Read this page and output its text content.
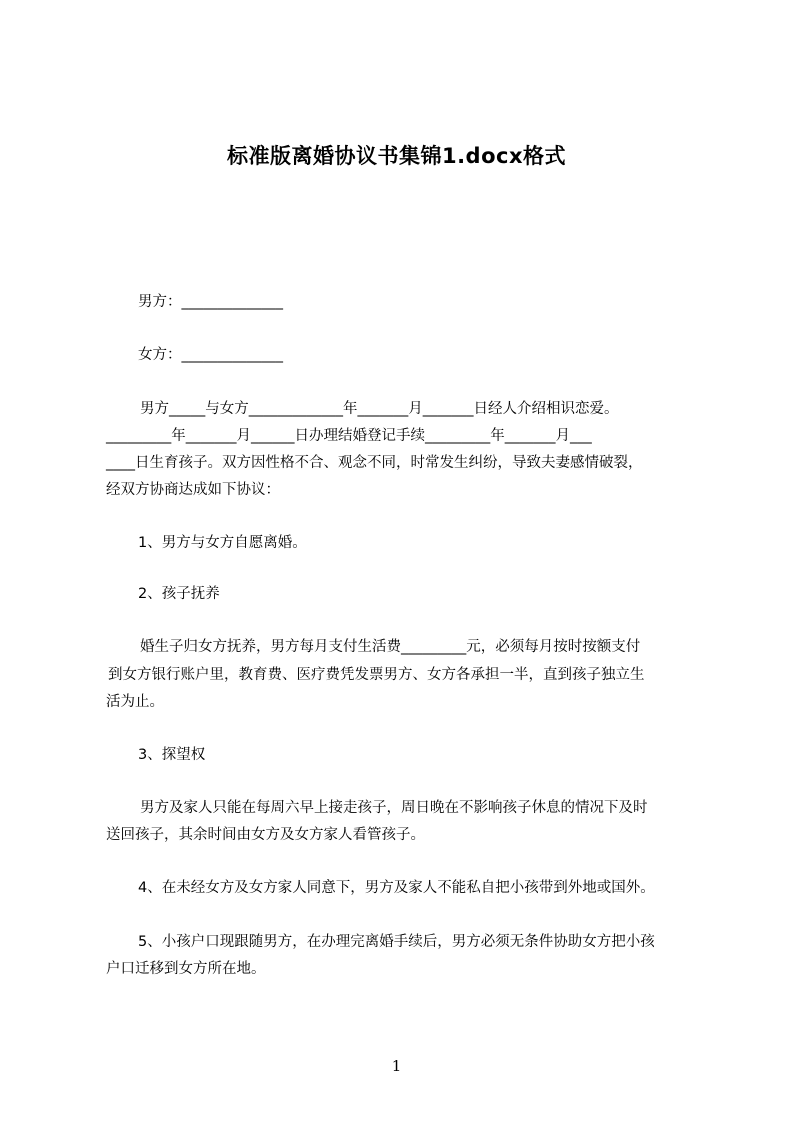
标准版离婚协议书集锦1.docx格式
男方：______________
女方：______________
男方_____与女方_____________年_______月_______日经人介绍相识恋爱。
_________年_______月______日办理结婚登记手续_________年_______月___
____日生育孩子。双方因性格不合、观念不同，时常发生纠纷，导致夫妻感情破裂，
经双方协商达成如下协议：
1、男方与女方自愿离婚。
2、孩子抚养
婚生子归女方抚养，男方每月支付生活费_________元，必须每月按时按额支付
到女方银行账户里，教育费、医疗费凭发票男方、女方各承担一半，直到孩子独立生
活为止。
3、探望权
男方及家人只能在每周六早上接走孩子，周日晚在不影响孩子休息的情况下及时
送回孩子，其余时间由女方及女方家人看管孩子。
4、在未经女方及女方家人同意下，男方及家人不能私自把小孩带到外地或国外。
5、小孩户口现跟随男方，在办理完离婚手续后，男方必须无条件协助女方把小孩
户口迁移到女方所在地。
1
